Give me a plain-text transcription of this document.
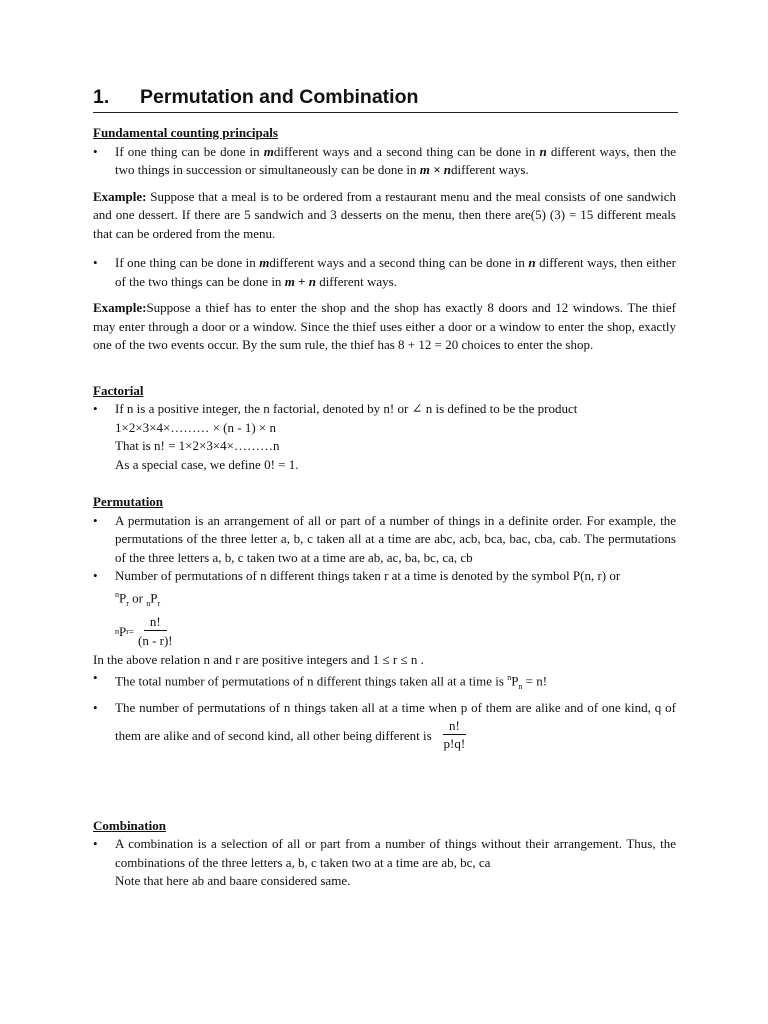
1. Permutation and Combination
Fundamental counting principals
• If one thing can be done in mdifferent ways and a second thing can be done in n different ways, then the two things in succession or simultaneously can be done in m × ndifferent ways.

Example: Suppose that a meal is to be ordered from a restaurant menu and the meal consists of one sandwich and one dessert. If there are 5 sandwich and 3 desserts on the menu, then there are(5) (3) = 15 different meals that can be ordered from the menu.

• If one thing can be done in mdifferent ways and a second thing can be done in n different ways, then either of the two things can be done in m + n different ways.

Example:Suppose a thief has to enter the shop and the shop has exactly 8 doors and 12 windows. The thief may enter through a door or a window. Since the thief uses either a door or a window to enter the shop, exactly one of the two events occur. By the sum rule, the thief has 8 + 12 = 20 choices to enter the shop.

Factorial
• If n is a positive integer, the n factorial, denoted by n! or ∠ n is defined to be the product
1×2×3×4×……… × (n - 1) × n
That is n! = 1×2×3×4×………n
As a special case, we define 0! = 1.
Permutation
• A permutation is an arrangement of all or part of a number of things in a definite order. For example, the permutations of the three letter a, b, c taken all at a time are abc, acb, bca, bac, cba, cab. The permutations of the three letters a, b, c taken two at a time are ab, ac, ba, bc, ca, cb
• Number of permutations of n different things taken r at a time is denoted by the symbol P(n, r) or
$^nP_r$ or $_nP_r$
n P $r = \frac{n!}{(n - r)!}$

In the above relation n and r are positive integers and 1 ≤ r ≤ n .

• The total number of permutations of n different things taken all at a time is $^nP_n = n$!
• The number of permutations of n things taken all at a time when p of them are alike and of one kind, q of them are alike and of second kind, all other being different is $\frac{n!}{p!q!}$
Combination
• A combination is a selection of all or part from a number of things without their arrangement. Thus, the combinations of the three letters a, b, c taken two at a time are ab, bc, ca
Note that here ab and baare considered same.
